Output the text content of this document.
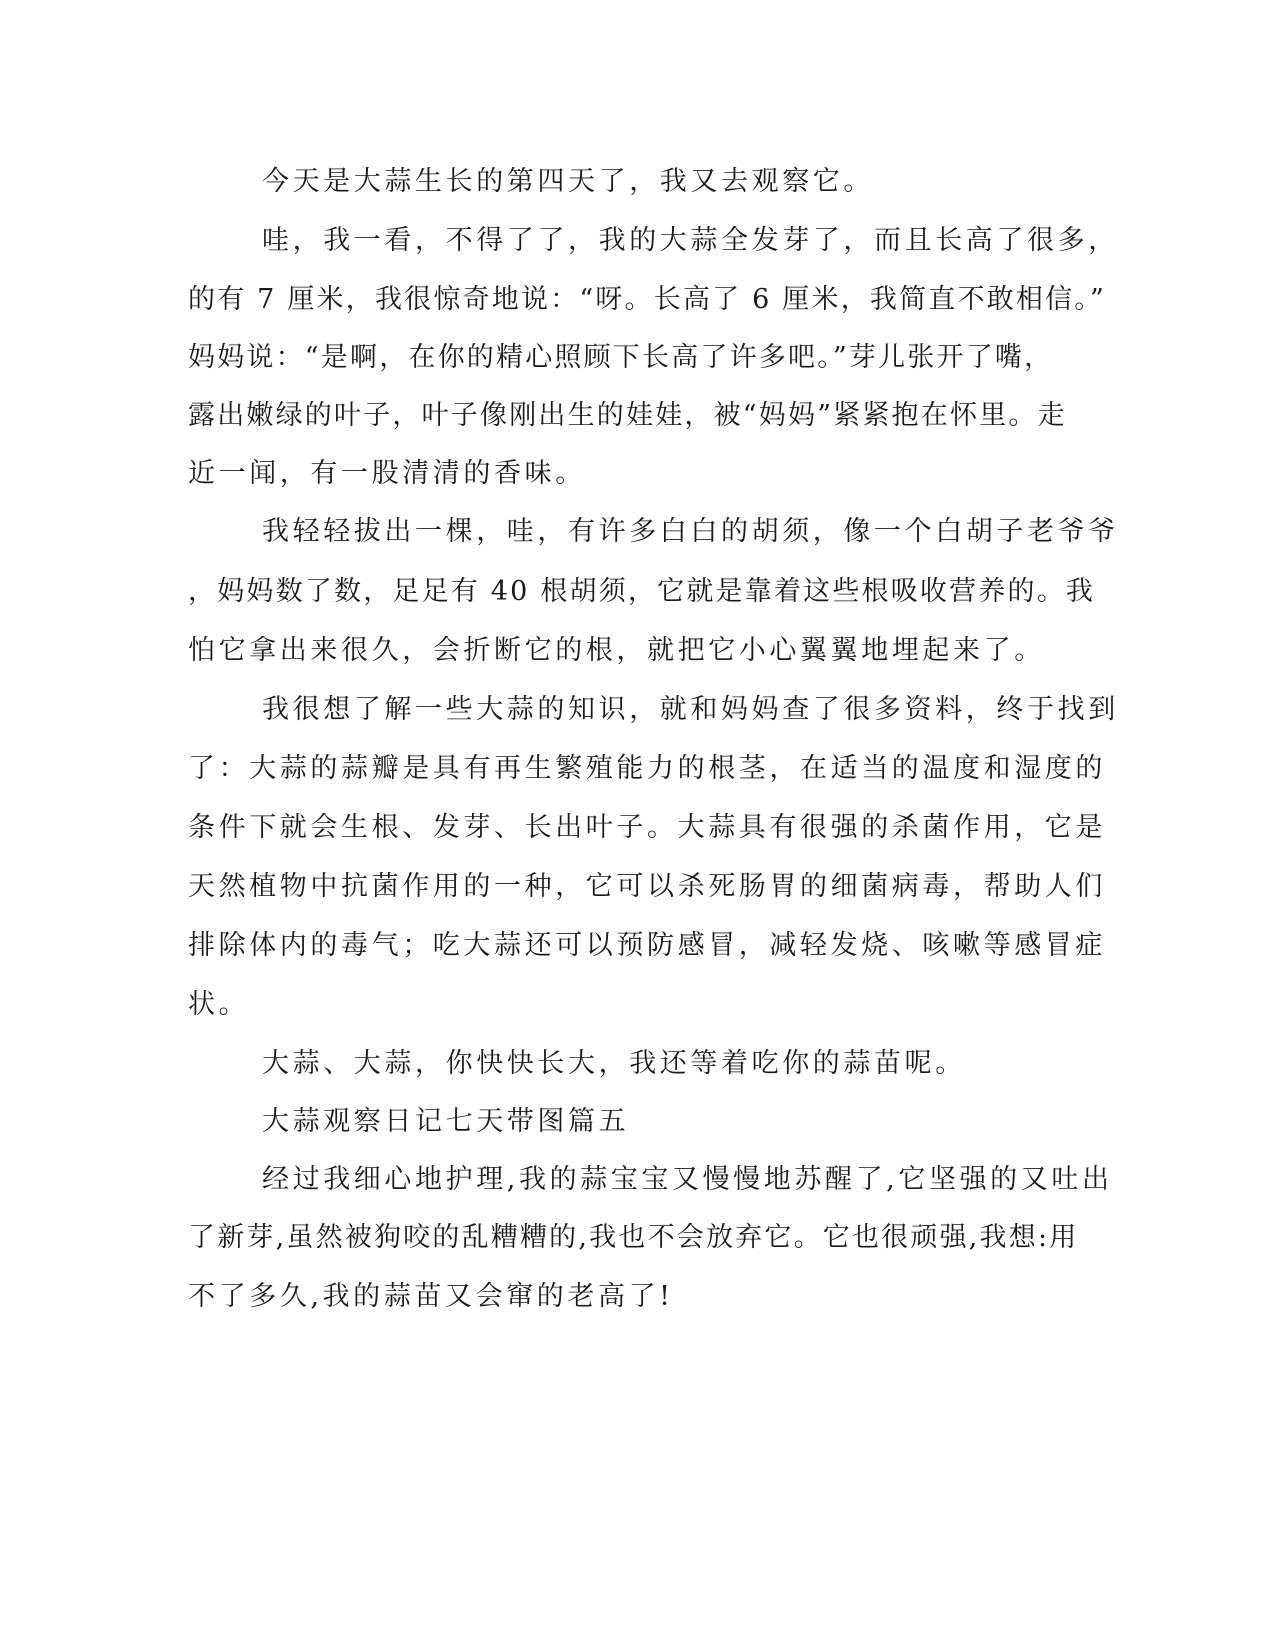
今天是大蒜生长的第四天了，我又去观察它。
哇，我一看，不得了了，我的大蒜全发芽了，而且长高了很多，
的有 7 厘米，我很惊奇地说：“呀。长高了 6 厘米，我简直不敢相信。”
妈妈说：“是啊，在你的精心照顾下长高了许多吧。”芽儿张开了嘴，
露出嫩绿的叶子，叶子像刚出生的娃娃，被“妈妈”紧紧抱在怀里。走
近一闻，有一股清清的香味。
我轻轻拔出一棵，哇，有许多白白的胡须，像一个白胡子老爷爷
，妈妈数了数，足足有 40 根胡须，它就是靠着这些根吸收营养的。我
怕它拿出来很久，会折断它的根，就把它小心翼翼地埋起来了。
我很想了解一些大蒜的知识，就和妈妈查了很多资料，终于找到
了：大蒜的蒜瓣是具有再生繁殖能力的根茎，在适当的温度和湿度的
条件下就会生根、发芽、长出叶子。大蒜具有很强的杀菌作用，它是
天然植物中抗菌作用的一种，它可以杀死肠胃的细菌病毒，帮助人们
排除体内的毒气；吃大蒜还可以预防感冒，减轻发烧、咳嗽等感冒症
状。
大蒜、大蒜，你快快长大，我还等着吃你的蒜苗呢。
大蒜观察日记七天带图篇五
经过我细心地护理,我的蒜宝宝又慢慢地苏醒了,它坚强的又吐出
了新芽,虽然被狗咬的乱糟糟的,我也不会放弃它。它也很顽强,我想:用
不了多久,我的蒜苗又会窜的老高了!
